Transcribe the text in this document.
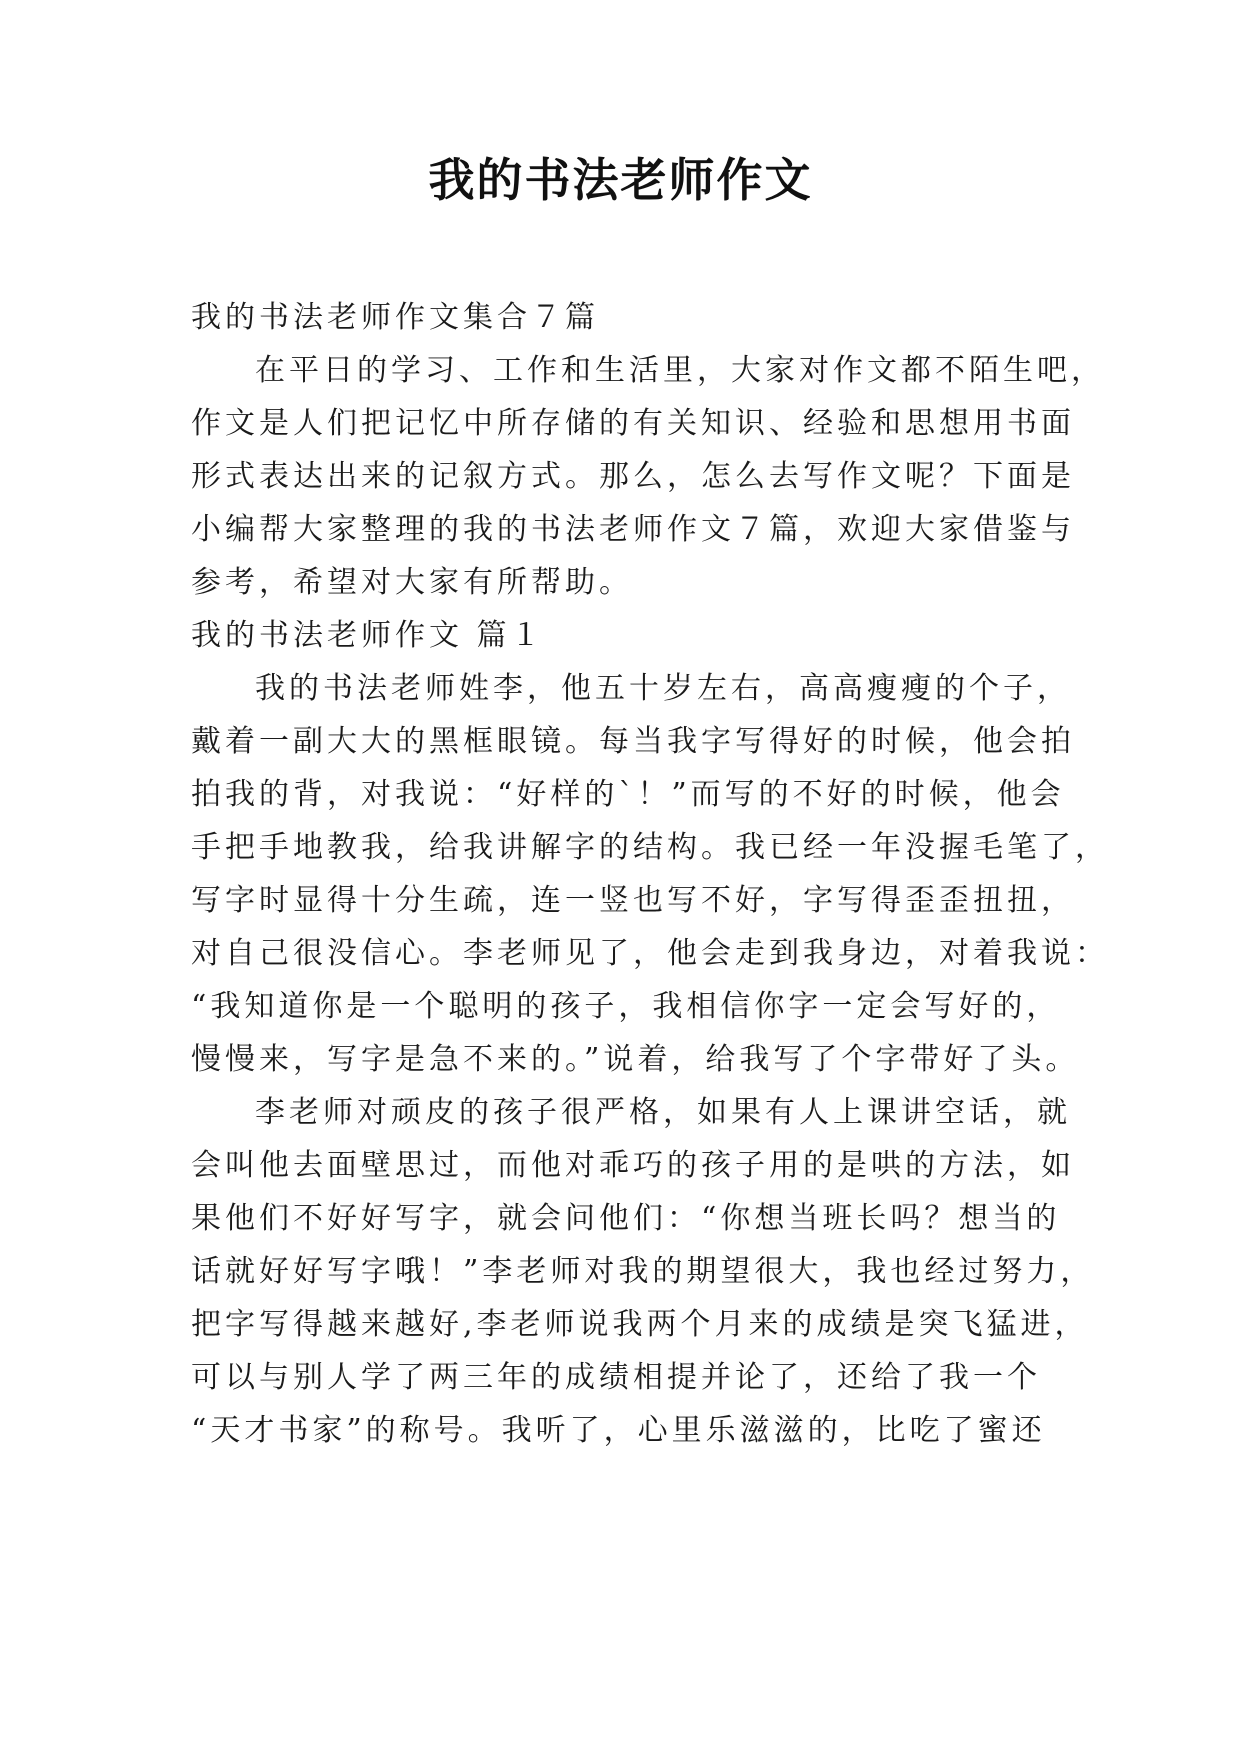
我的书法老师作文

我的书法老师作文集合７篇

在平日的学习、工作和生活里，大家对作文都不陌生吧，
作文是人们把记忆中所存储的有关知识、经验和思想用书面
形式表达出来的记叙方式。那么，怎么去写作文呢？下面是
小编帮大家整理的我的书法老师作文７篇，欢迎大家借鉴与
参考，希望对大家有所帮助。

我的书法老师作文 篇１

我的书法老师姓李，他五十岁左右，高高瘦瘦的个子，
戴着一副大大的黑框眼镜。每当我字写得好的时候，他会拍
拍我的背，对我说：“好样的`！”而写的不好的时候，他会
手把手地教我，给我讲解字的结构。我已经一年没握毛笔了，
写字时显得十分生疏，连一竖也写不好，字写得歪歪扭扭，
对自己很没信心。李老师见了，他会走到我身边，对着我说：
“我知道你是一个聪明的孩子，我相信你字一定会写好的，
慢慢来，写字是急不来的。”说着，给我写了个字带好了头。

李老师对顽皮的孩子很严格，如果有人上课讲空话，就
会叫他去面壁思过，而他对乖巧的孩子用的是哄的方法，如
果他们不好好写字，就会问他们：“你想当班长吗？想当的
话就好好写字哦！”李老师对我的期望很大，我也经过努力，
把字写得越来越好,李老师说我两个月来的成绩是突飞猛进，
可以与别人学了两三年的成绩相提并论了，还给了我一个
“天才书家”的称号。我听了，心里乐滋滋的，比吃了蜜还
